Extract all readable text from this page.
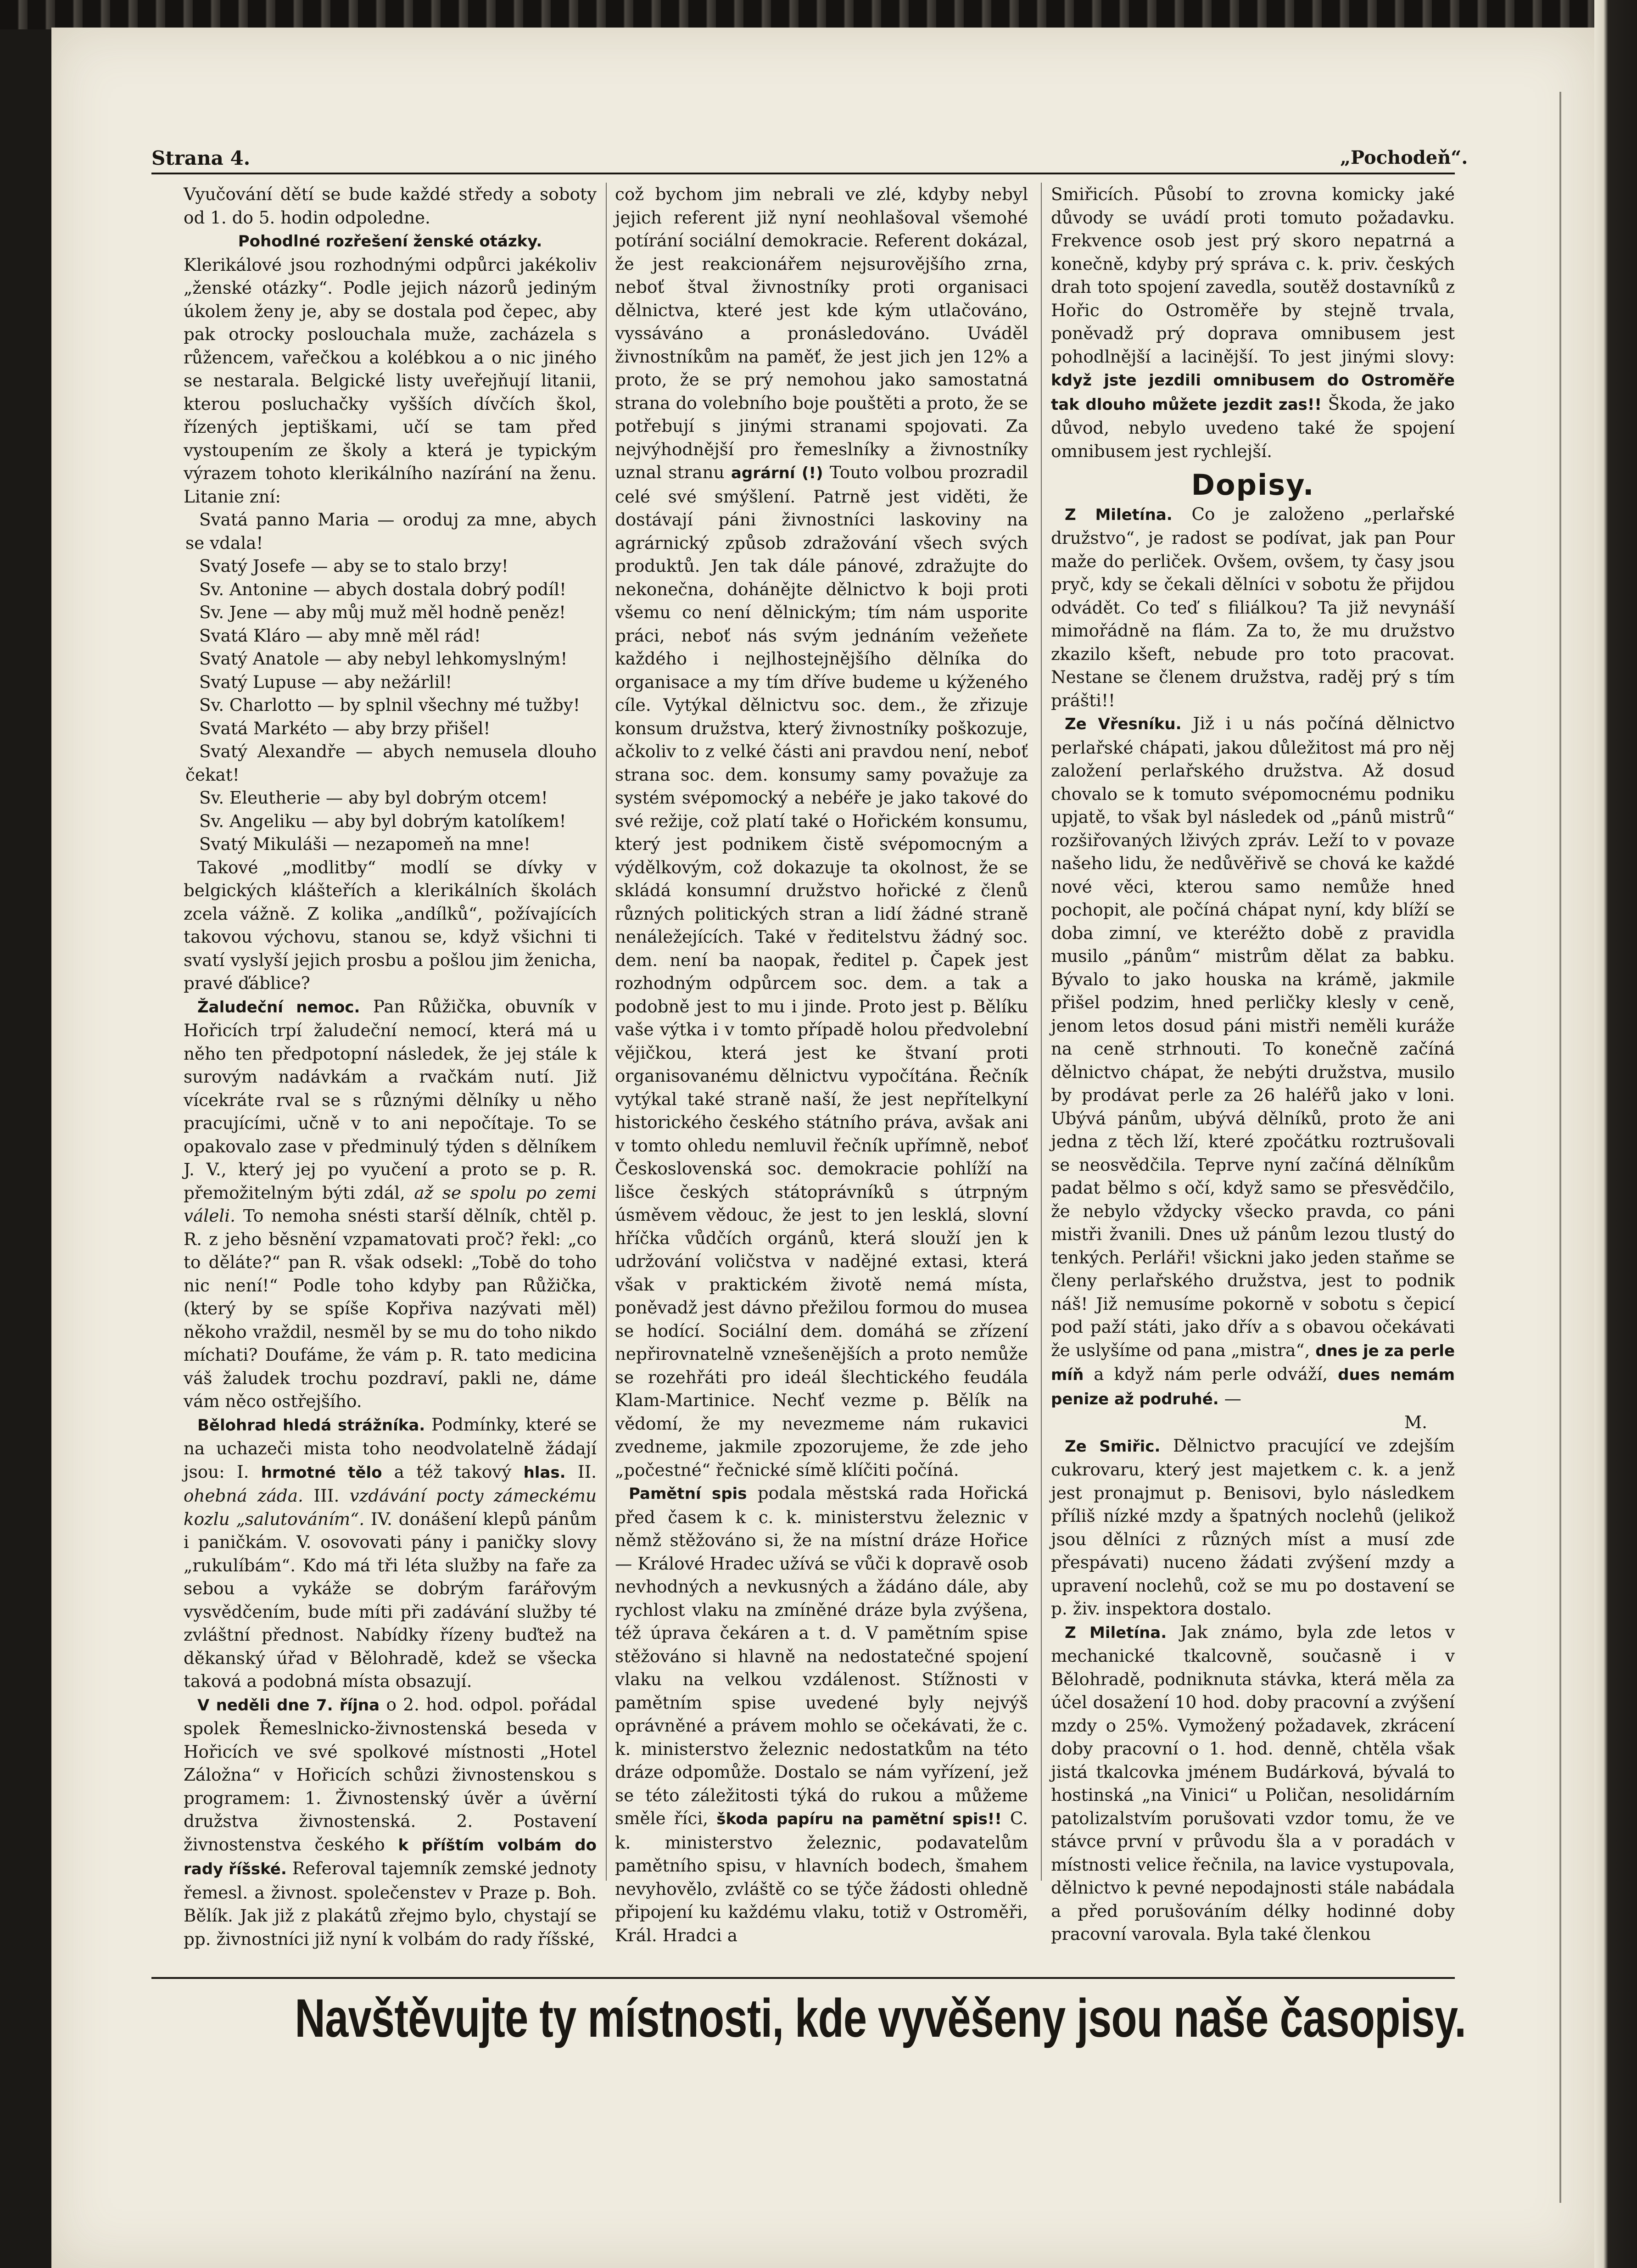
Strana 4.	„Pochodeň“.

Vyučování dětí se bude každé středy a soboty od 1. do 5. hodin odpoledne.

Pohodlné rozřešení ženské otázky.

Klerikálové jsou rozhodnými odpůrci jakékoliv „ženské otázky“. Podle jejich názorů jediným úkolem ženy je, aby se dostala pod čepec, aby pak otrocky poslouchala muže, zacházela s růžencem, vařečkou a kolébkou a o nic jiného se nestarala. Belgické listy uveřejňují litanii, kterou posluchačky vyšších dívčích škol, řízených jeptiškami, učí se tam před vystoupením ze školy a která je typickým výrazem tohoto klerikálního nazírání na ženu. Litanie zní:

Svatá panno Maria — oroduj za mne, abych se vdala!

Svatý Josefe — aby se to stalo brzy!

Sv. Antonine — abych dostala dobrý podíl!

Sv. Jene — aby můj muž měl hodně peněz!

Svatá Kláro — aby mně měl rád!

Svatý Anatole — aby nebyl lehkomyslným!

Svatý Lupuse — aby nežárlil!

Sv. Charlotto — by splnil všechny mé tužby!

Svatá Markéto — aby brzy přišel!

Svatý Alexandře — abych nemusela dlouho čekat!

Sv. Eleutherie — aby byl dobrým otcem!

Sv. Angeliku — aby byl dobrým katolíkem!

Svatý Mikuláši — nezapomeň na mne!

Takové „modlitby“ modlí se dívky v belgických klášteřích a klerikálních školách zcela vážně. Z kolika „andílků“, požívajících takovou výchovu, stanou se, když všichni ti svatí vyslyší jejich prosbu a pošlou jim ženicha, pravé ďáblice?

Žaludeční nemoc. Pan Růžička, obuvník v Hořicích trpí žaludeční nemocí, která má u něho ten předpotopní následek, že jej stále k surovým nadávkám a rvačkám nutí. Již vícekráte rval se s různými dělníky u něho pracujícími, učně v to ani nepočítaje. To se opakovalo zase v předminulý týden s dělníkem J. V., který jej po vyučení a proto se p. R. přemožitelným býti zdál, až se spolu po zemi váleli. To nemoha snésti starší dělník, chtěl p. R. z jeho běsnění vzpamatovati proč? řekl: „co to děláte?“ pan R. však odsekl: „Tobě do toho nic není!“ Podle toho kdyby pan Růžička, (který by se spíše Kopřiva nazývati měl) někoho vraždil, nesměl by se mu do toho nikdo míchati? Doufáme, že vám p. R. tato medicina váš žaludek trochu pozdraví, pakli ne, dáme vám něco ostřejšího.

Bělohrad hledá strážníka. Podmínky, které se na uchazeči mista toho neodvolatelně žádají jsou: I. hrmotné tělo a též takový hlas. II. ohebná záda. III. vzdávání pocty zámeckému kozlu „salutováním“. IV. donášení klepů pánům i paničkám. V. osovovati pány i paničky slovy „rukulíbám“. Kdo má tři léta služby na faře za sebou a vykáže se dobrým farářovým vysvědčením, bude míti při zadávání služby té zvláštní přednost. Nabídky řízeny buďtež na děkanský úřad v Bělohradě, kdež se všecka taková a podobná místa obsazují.

V neděli dne 7. října o 2. hod. odpol. pořádal spolek Řemeslnicko-živnostenská beseda v Hořicích ve své spolkové místnosti „Hotel Záložna“ v Hořicích schůzi živnostenskou s programem: 1. Živnostenský úvěr a úvěrní družstva živnostenská. 2. Postavení živnostenstva českého k příštím volbám do rady říšské. Referoval tajemník zemské jednoty řemesl. a živnost. společenstev v Praze p. Boh. Bělík. Jak již z plakátů zřejmo bylo, chystají se pp. živnostníci již nyní k volbám do rady říšské,

což bychom jim nebrali ve zlé, kdyby nebyl jejich referent již nyní neohlašoval všemohé potírání sociální demokracie. Referent dokázal, že jest reakcionářem nejsurovějšího zrna, neboť štval živnostníky proti organisaci dělnictva, které jest kde kým utlačováno, vyssáváno a pronásledováno. Uváděl živnostníkům na paměť, že jest jich jen 12% a proto, že se prý nemohou jako samostatná strana do volebního boje pouštěti a proto, že se potřebují s jinými stranami spojovati. Za nejvýhodnější pro řemeslníky a živnostníky uznal stranu agrární (!) Touto volbou prozradil celé své smýšlení. Patrně jest viděti, že dostávají páni živnostníci laskoviny na agrárnický způsob zdražování všech svých produktů. Jen tak dále pánové, zdražujte do nekonečna, dohánějte dělnictvo k boji proti všemu co není dělnickým; tím nám usporite práci, neboť nás svým jednáním vežeňete každého i nejlhostejnějšího dělníka do organisace a my tím dříve budeme u kýženého cíle. Vytýkal dělnictvu soc. dem., že zřizuje konsum družstva, který živnostníky poškozuje, ačkoliv to z velké části ani pravdou není, neboť strana soc. dem. konsumy samy považuje za systém svépomocký a nebéře je jako takové do své režije, což platí také o Hořickém konsumu, který jest podnikem čistě svépomocným a výdělkovým, což dokazuje ta okolnost, že se skládá konsumní družstvo hořické z členů různých politických stran a lidí žádné straně nenáležejících. Také v ředitelstvu žádný soc. dem. není ba naopak, ředitel p. Čapek jest rozhodným odpůrcem soc. dem. a tak a podobně jest to mu i jinde. Proto jest p. Bělíku vaše výtka i v tomto případě holou předvolební vějičkou, která jest ke štvaní proti organisovanému dělnictvu vypočítána. Řečník vytýkal také straně naší, že jest nepřítelkyní historického českého státního práva, avšak ani v tomto ohledu nemluvil řečník upřímně, neboť Československá soc. demokracie pohlíží na lišce českých státoprávníků s útrpným úsměvem vědouc, že jest to jen lesklá, slovní hříčka vůdčích orgánů, která slouží jen k udržování voličstva v nadějné extasi, která však v praktickém životě nemá místa, poněvadž jest dávno přežilou formou do musea se hodící. Sociální dem. domáhá se zřízení nepřirovnatelně vznešenějších a proto nemůže se rozehřáti pro ideál šlechtického feudála Klam-Martinice. Nechť vezme p. Bělík na vědomí, že my nevezmeme nám rukavici zvedneme, jakmile zpozorujeme, že zde jeho „počestné“ řečnické símě klíčiti počíná.

Pamětní spis podala městská rada Hořická před časem k c. k. ministerstvu železnic v němž stěžováno si, že na místní dráze Hořice — Králové Hradec užívá se vůči k dopravě osob nevhodných a nevkusných a žádáno dále, aby rychlost vlaku na zmíněné dráze byla zvýšena, též úprava čekáren a t. d. V pamětním spise stěžováno si hlavně na nedostatečné spojení vlaku na velkou vzdálenost. Stížnosti v pamětním spise uvedené byly nejvýš oprávněné a právem mohlo se očekávati, že c. k. ministerstvo železnic nedostatkům na této dráze odpomůže. Dostalo se nám vyřízení, jež se této záležitosti týká do rukou a můžeme směle říci, škoda papíru na pamětní spis!! C. k. ministerstvo železnic, podavatelům pamětního spisu, v hlavních bodech, šmahem nevyhovělo, zvláště co se týče žádosti ohledně připojení ku každému vlaku, totiž v Ostroměři, Král. Hradci a

Smiřicích. Působí to zrovna komicky jaké důvody se uvádí proti tomuto požadavku. Frekvence osob jest prý skoro nepatrná a konečně, kdyby prý správa c. k. priv. českých drah toto spojení zavedla, soutěž dostavníků z Hořic do Ostroměře by stejně trvala, poněvadž prý doprava omnibusem jest pohodlnější a lacinější. To jest jinými slovy: když jste jezdili omnibusem do Ostroměře tak dlouho můžete jezdit zas!! Škoda, že jako důvod, nebylo uvedeno také že spojení omnibusem jest rychlejší.

Dopisy.

Z Miletína. Co je založeno „perlařské družstvo“, je radost se podívat, jak pan Pour maže do perliček. Ovšem, ovšem, ty časy jsou pryč, kdy se čekali dělníci v sobotu že přijdou odvádět. Co teď s filiálkou? Ta již nevynáší mimořádně na flám. Za to, že mu družstvo zkazilo kšeft, nebude pro toto pracovat. Nestane se členem družstva, raděj prý s tím prášti!!

Ze Vřesníku. Již i u nás počíná dělnictvo perlařské chápati, jakou důležitost má pro něj založení perlařského družstva. Až dosud chovalo se k tomuto svépomocnému podniku upjatě, to však byl následek od „pánů mistrů“ rozšiřovaných lživých zpráv. Leží to v povaze našeho lidu, že nedůvěřivě se chová ke každé nové věci, kterou samo nemůže hned pochopit, ale počíná chápat nyní, kdy blíží se doba zimní, ve kteréžto době z pravidla musilo „pánům“ mistrům dělat za babku. Bývalo to jako houska na krámě, jakmile přišel podzim, hned perličky klesly v ceně, jenom letos dosud páni mistři neměli kuráže na ceně strhnouti. To konečně začíná dělnictvo chápat, že nebýti družstva, musilo by prodávat perle za 26 haléřů jako v loni. Ubývá pánům, ubývá dělníků, proto že ani jedna z těch lží, které zpočátku roztrušovali se neosvědčila. Teprve nyní začíná dělníkům padat bělmo s očí, když samo se přesvědčilo, že nebylo vždycky všecko pravda, co páni mistři žvanili. Dnes už pánům lezou tlustý do tenkých. Perláři! všickni jako jeden staňme se členy perlařského družstva, jest to podnik náš! Již nemusíme pokorně v sobotu s čepicí pod paží státi, jako dřív a s obavou očekávati že uslyšíme od pana „mistra“, dnes je za perle míň a když nám perle odváží, dues nemám penize až podruhé. —

M.

Ze Smiřic. Dělnictvo pracující ve zdejším cukrovaru, který jest majetkem c. k. a jenž jest pronajmut p. Benisovi, bylo následkem příliš nízké mzdy a špatných noclehů (jelikož jsou dělníci z různých míst a musí zde přespávati) nuceno žádati zvýšení mzdy a upravení noclehů, což se mu po dostavení se p. živ. inspektora dostalo.

Z Miletína. Jak známo, byla zde letos v mechanické tkalcovně, současně i v Bělohradě, podniknuta stávka, která měla za účel dosažení 10 hod. doby pracovní a zvýšení mzdy o 25%. Vymožený požadavek, zkrácení doby pracovní o 1. hod. denně, chtěla však jistá tkalcovka jménem Budárková, bývalá to hostinská „na Vinici“ u Poličan, nesolidárním patolizalstvím porušovati vzdor tomu, že ve stávce první v průvodu šla a v poradách v místnosti velice řečnila, na lavice vystupovala, dělnictvo k pevné nepodajnosti stále nabádala a před porušováním délky hodinné doby pracovní varovala. Byla také členkou

Navštěvujte ty místnosti, kde vyvěšeny jsou naše časopisy.
